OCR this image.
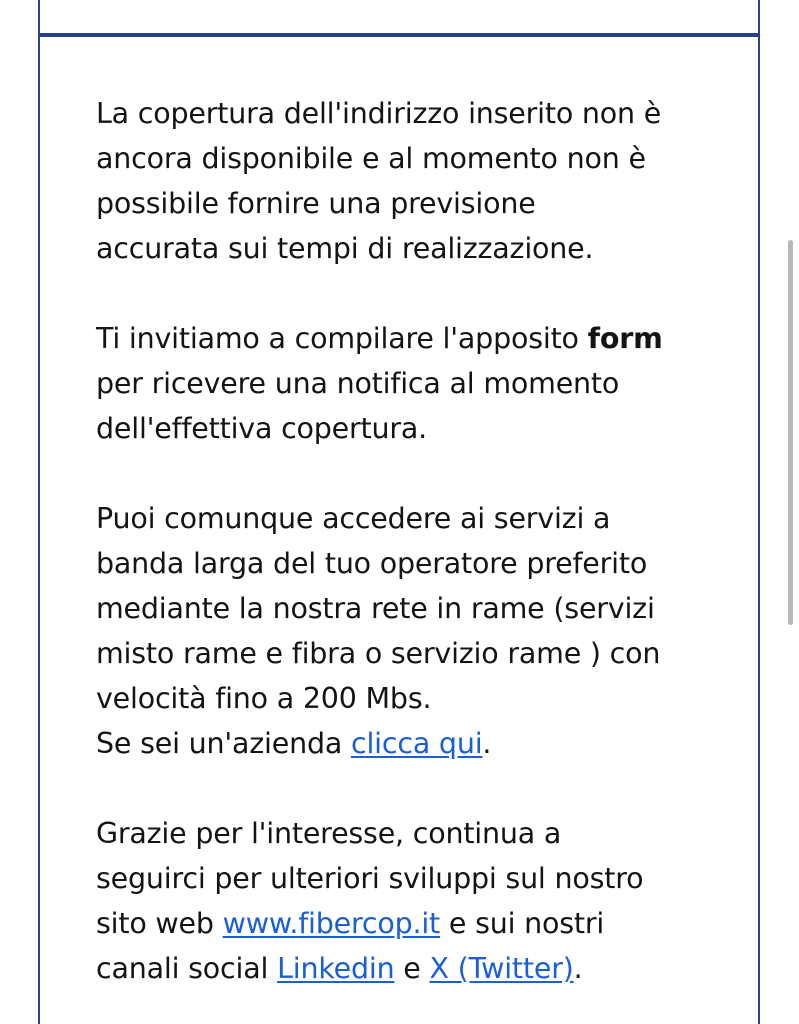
La copertura dell'indirizzo inserito non è
ancora disponibile e al momento non è
possibile fornire una previsione
accurata sui tempi di realizzazione.

Ti invitiamo a compilare l'apposito form
per ricevere una notifica al momento
dell'effettiva copertura.

Puoi comunque accedere ai servizi a
banda larga del tuo operatore preferito
mediante la nostra rete in rame (servizi
misto rame e fibra o servizio rame ) con
velocità fino a 200 Mbs.
Se sei un'azienda clicca qui.

Grazie per l'interesse, continua a
seguirci per ulteriori sviluppi sul nostro
sito web www.fibercop.it e sui nostri
canali social Linkedin e X (Twitter).
